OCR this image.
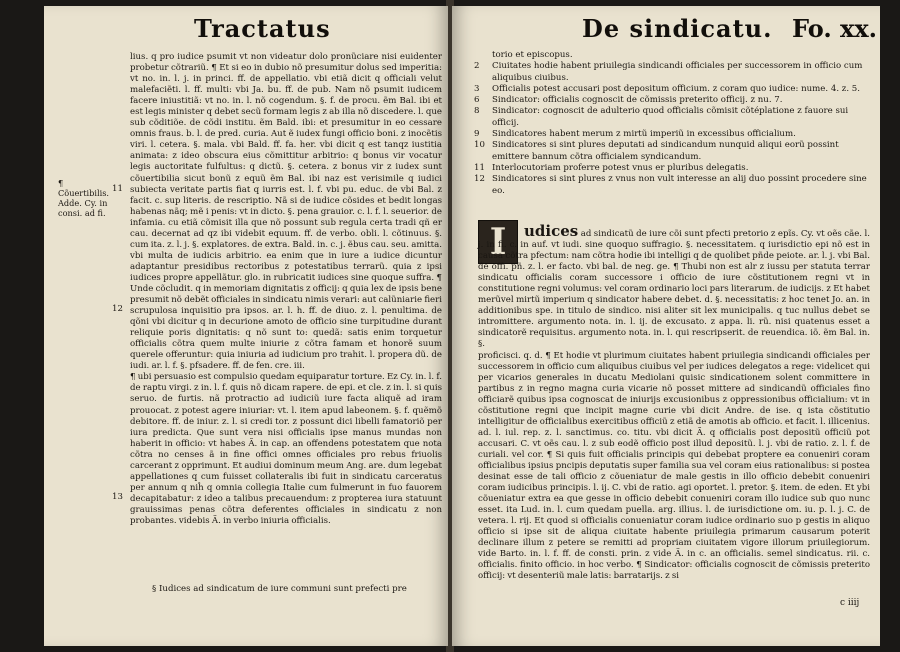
Tractatus
¶ Cõuertibilis. Adde. Cy. in consi. ad fi.
11
12
13

lius. q pro iudice psumit vt non videatur dolo pronũciare nisi euidenter probetur cõtrariũ. ¶ Et si eo in dubio nõ presumitur dolus sed imperitia: vt no. in. l. j. in princi. ff. de appellatio. vbi etiã dicit q officiali velut malefaciẽti. l. ff. multi: vbi Ja. bu. ff. de pub. Nam nõ psumit iudicem facere iniustitiã: vt no. in. l. nõ cogendum. §. f. de procu. ẽm Bal. ibi et est legis minister q debet secũ formam legis z ab illa nõ discedere. l. que sub cõditiõe. de cõdi institu. ẽm Bald. ibi: et presumitur in eo cessare omnis fraus. b. l. de pred. curia. Aut ẽ iudex fungi officio boni. z inocẽtis viri. l. cetera. §. mala. vbi Bald. ff. fa. her. vbi dicit q est tanqz iustitia animata: z ideo obscura eius cõmittitur arbitrio: q bonus vir vocatur legis auctoritate fulfultus: q dictũ. §. cetera. z bonus vir z iudex sunt cõuertibilia sicut bonũ z equũ ẽm Bal. ibi naz est verisimile q iudici subiecta veritate partis fiat q iurris est. l. f. vbi pu. educ. de vbi Bal. z facit. c. sup literis. de rescriptio. Nã si de iudice cõsides et bedit longas habenas nãq; mẽ i penis: vt in dicto. §. pena grauior. c. l. f. l. seuerior. de infamia. cu etiã cõmisit illa que nõ possunt sub regula certa tradi qñ er cau. decernat ad qz ibi videbit equum. ff. de verbo. obli. l. cõtinuus. §. cum ita. z. l. j. §. explatores. de extra. Bald. in. c. j. ẽbus cau. seu. amitta. vbi multa de iudicis arbitrio. ea enim que in iure a iudice dicuntur adaptantur presidibus rectoribus z potestatibus terrarũ. quia z ipsi iudices propre appellãtur. glo. in rubricatit iudices sine quoque suffra. ¶ Unde cõcludit. q in memoriam dignitatis z officij: q quia lex de ipsis bene presumit nõ debẽt officiales in sindicatu nimis verari: aut calũniarie fieri scrupulosa inquisitio pra ipsos. ar. l. h. ff. de diuo. z. l. penultima. de qõni vbi dicitur q in decurione amoto de officio sine turpitudine durant reliquie poris dignitatis: q nõ sunt to: quedã: satis enim torquetur officialis cõtra quem multe iniurie z cõtra famam et honorẽ suum querele offeruntur: quia iniuria ad iudicium pro trahit. l. propera dũ. de iudi. ar. l. f. §. pfsadere. ff. de fen. cre. iii.

¶ ubi persuasio est compulsio quedam equiparatur torture. Ez Cy. in. l. f. de raptu virgi. z in. l. f. quis nõ dicam rapere. de epi. et cle. z in. l. si quis seruo. de furtis. nã protractio ad iudiciũ iure facta aliquẽ ad iram prouocat. z potest agere iniuriar: vt. l. item apud labeonem. §. f. quẽmõ debitore. ff. de iniur. z. l. si credi tor. z possunt dici libelli famatoriõ per iura predicta. Que sunt vera nisi officialis ipse manus mundas non haberit in officio: vt habes Ã. in cap. an offendens potestatem que nota cõtra no censes ã in fine offici omnes officiales pro rebus friuolis carcerant z opprimunt. Et audiui dominum meum Ang. are. dum legebat appellationes q cum fuisset collateralis ibi fuit in sindicatu carceratus per annum q niĥ q omnia collegia Italie cum fulmerunt in fuo fauorem decapitabatur: z ideo a talibus precauendum: z propterea iura statuunt grauissimas penas cõtra deferentes officiales in sindicatu z non probantes. videbis Ã. in verbo iniuria officialis.

§ Iudices ad sindicatum de iure communi sunt prefecti pre
De sindicatu. Fo. xx.
torio et episcopus.
2	Ciuitates hodie habent priuilegia sindicandi officiales per successorem in officio cum aliquibus ciuibus.
3	Officialis potest accusari post depositum officium. z coram quo iudice: nume. 4. z. 5.
6	Sindicator: officialis cognoscit de cõmissis preterito officij. z nu. 7.
8	Sindicator: cognoscit de adulterio quod officialis cõmisit cõtéplatione z fauore sui officij.
9	Sindicatores habent merum z mirtũ imperiũ in excessibus officialium.
10 Sindicatores si sint plures deputati ad sindicandum nunquid aliqui eorũ possint emittere bannum cõtra officialem syndicandum.
11 Interlocutoriam proferre potest vnus er pluribus delegatis.
12 Sindicatores si sint plures z vnus non vult interesse an alij duo possint procedere sine eo.
I	udices ad sindicatũ de iure cõi sunt pfecti pretorio z epĩs. Cy. vt oẽs cãe. l. j. in fi. c. in auf. vt iudi. sine quoquo suffragio. §. necessitatem. q iurisdictio epi nõ est in causa cõtra pfectum: nam cõtra hodie ibi intelligi q de quolibet pñde peiote. ar. l. j. vbi Bal. de offi. pñ. z. l. er facto. vbi bal. de neg. ge. ¶ Thubi non est alr z iussu per statuta terrar sindicatu officialis coram successore i officio de iure cõstitutionem regni vt in constitutione regni volumus: vel coram ordinario loci pars literarum. de iudicijs. z Et habet merũvel mirtũ imperium q sindicator habere debet. d. §. necessitatis: z hoc tenet Jo. an. in additionibus spe. in titulo de sindico. nisi aliter sit lex municipalis. q tuc nullus debet se intromittere. argumento nota. in. l. ij. de excusato. z appa. li. rũ. nisi quatenus esset a sindicatorẽ requisitus. argumento nota. in. l. qui rescripserit. de reuendica. iõ. ẽm Bal. in. §.

proficisci. q. d. ¶ Et hodie vt plurimum ciuitates habent priuilegia sindicandi officiales per successorem in officio cum aliquibus ciuibus vel per iudices delegatos a rege: videlicet qui per vicarios generales in ducatu Mediolani quisic sindicationem solent committere in partibus z in regno magna curia vicarie nõ posset mittere ad sindicandũ officiales fino officiarẽ quibus ipsa cognoscat de iniurijs excusionibus z oppressionibus officialium: vt in cõstitutione regni que incipit magne curie vbi dicit Andre. de ise. q ista cõstitutio intelligitur de officialibus exercitibus officiũ z etiã de amotis ab officio. et facit. l. illicenius. ad. l. iul. rep. z. l. sanctimus. co. titu. vbi dicit Ã. q officialis post depositũ officiũ pot accusari. C. vt oẽs cau. l. z sub eodẽ officio post illud depositũ. l. j. vbi de ratio. z. l. f. de curiali. vel cor. ¶ Si quis fuit officialis principis qui debebat proptere ea conueniri coram officialibus ipsius pncipis deputatis super familia sua vel coram eius rationalibus: si postea desinat esse de tali officio z cõueniatur de male gestis in illo officio debebit conueniri coram iudicibus principis. l. ij. C. vbi de ratio. agi oportet. l. pretor. §. item. de eden. Et ybi cõueniatur extra ea que gesse in officio debebit conueniri coram illo iudice sub quo nunc esset. ita Lud. in. l. cum quedam puella. arg. illius. l. de iurisdictione om. iu. p. l. j. C. de vetera. l. rij. Et quod si officialis conueniatur coram iudice ordinario suo p gestis in aliquo officio si ipse sit de aliqua ciuitate habente priuilegia primarum causarum poterit declinare illum z petere se remitti ad propriam ciuitatem vigore illorum priuilegiorum. vide Barto. in. l. f. ff. de consti. prin. z vide Ã. in c. an officialis. semel sindicatus. rii. c. officialis. finito officio. in hoc verbo. ¶ Sindicator: officialis cognoscit de cõmissis preterito officij: vt desenteriũ male latis: barratarijs. z si

c iiij
